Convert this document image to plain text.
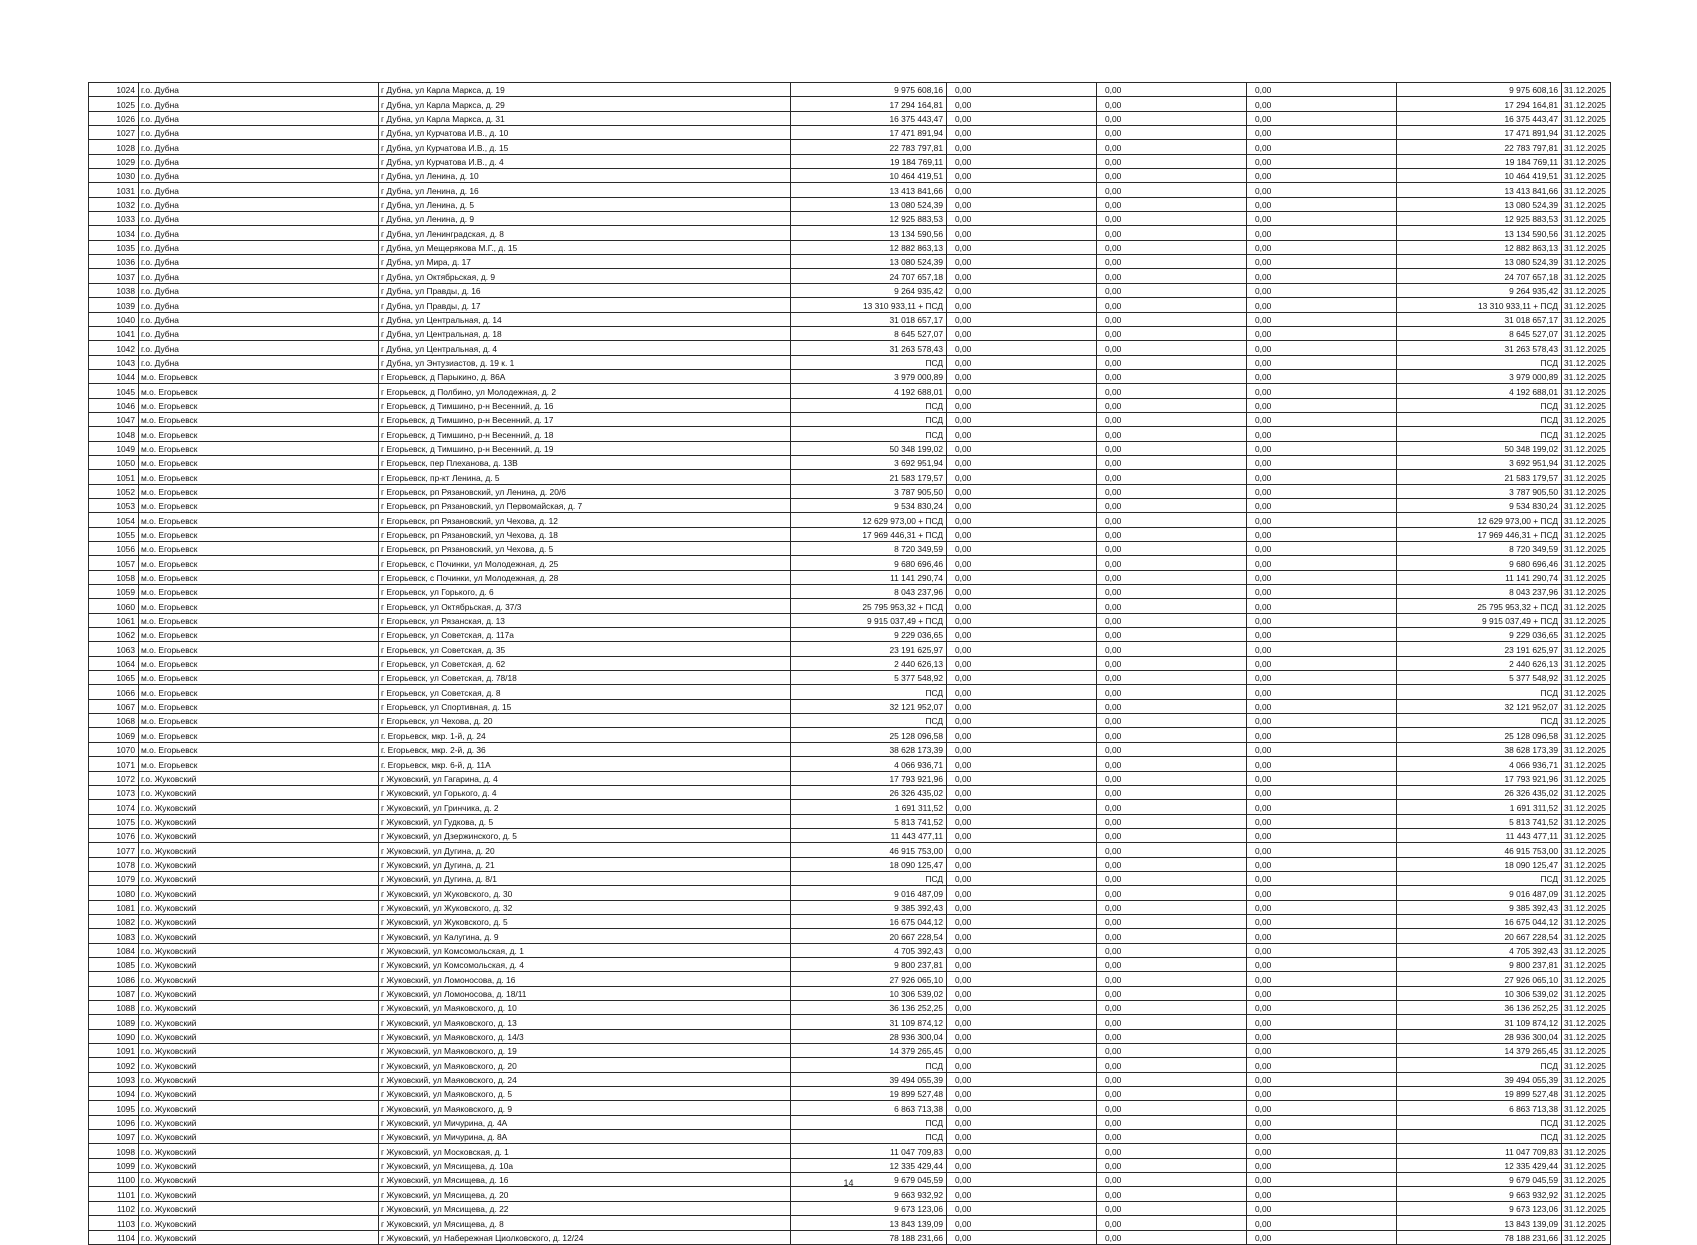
1024	г.о. Дубна	г Дубна, ул Карла Маркса, д. 19	9 975 608,16	0,00	0,00	0,00	9 975 608,16	31.12.2025
1025	г.о. Дубна	г Дубна, ул Карла Маркса, д. 29	17 294 164,81	0,00	0,00	0,00	17 294 164,81	31.12.2025
1026	г.о. Дубна	г Дубна, ул Карла Маркса, д. 31	16 375 443,47	0,00	0,00	0,00	16 375 443,47	31.12.2025
1027	г.о. Дубна	г Дубна, ул Курчатова И.В., д. 10	17 471 891,94	0,00	0,00	0,00	17 471 891,94	31.12.2025
1028	г.о. Дубна	г Дубна, ул Курчатова И.В., д. 15	22 783 797,81	0,00	0,00	0,00	22 783 797,81	31.12.2025
1029	г.о. Дубна	г Дубна, ул Курчатова И.В., д. 4	19 184 769,11	0,00	0,00	0,00	19 184 769,11	31.12.2025
1030	г.о. Дубна	г Дубна, ул Ленина, д. 10	10 464 419,51	0,00	0,00	0,00	10 464 419,51	31.12.2025
1031	г.о. Дубна	г Дубна, ул Ленина, д. 16	13 413 841,66	0,00	0,00	0,00	13 413 841,66	31.12.2025
1032	г.о. Дубна	г Дубна, ул Ленина, д. 5	13 080 524,39	0,00	0,00	0,00	13 080 524,39	31.12.2025
1033	г.о. Дубна	г Дубна, ул Ленина, д. 9	12 925 883,53	0,00	0,00	0,00	12 925 883,53	31.12.2025
1034	г.о. Дубна	г Дубна, ул Ленинградская, д. 8	13 134 590,56	0,00	0,00	0,00	13 134 590,56	31.12.2025
1035	г.о. Дубна	г Дубна, ул Мещерякова М.Г., д. 15	12 882 863,13	0,00	0,00	0,00	12 882 863,13	31.12.2025
1036	г.о. Дубна	г Дубна, ул Мира, д. 17	13 080 524,39	0,00	0,00	0,00	13 080 524,39	31.12.2025
1037	г.о. Дубна	г Дубна, ул Октябрьская, д. 9	24 707 657,18	0,00	0,00	0,00	24 707 657,18	31.12.2025
1038	г.о. Дубна	г Дубна, ул Правды, д. 16	9 264 935,42	0,00	0,00	0,00	9 264 935,42	31.12.2025
1039	г.о. Дубна	г Дубна, ул Правды, д. 17	13 310 933,11 + ПСД	0,00	0,00	0,00	13 310 933,11 + ПСД	31.12.2025
1040	г.о. Дубна	г Дубна, ул Центральная, д. 14	31 018 657,17	0,00	0,00	0,00	31 018 657,17	31.12.2025
1041	г.о. Дубна	г Дубна, ул Центральная, д. 18	8 645 527,07	0,00	0,00	0,00	8 645 527,07	31.12.2025
1042	г.о. Дубна	г Дубна, ул Центральная, д. 4	31 263 578,43	0,00	0,00	0,00	31 263 578,43	31.12.2025
1043	г.о. Дубна	г Дубна, ул Энтузиастов, д. 19 к. 1	ПСД	0,00	0,00	0,00	ПСД	31.12.2025
1044	м.о. Егорьевск	г Егорьевск, д Парыкино, д. 86А	3 979 000,89	0,00	0,00	0,00	3 979 000,89	31.12.2025
1045	м.о. Егорьевск	г Егорьевск, д Полбино, ул Молодежная, д. 2	4 192 688,01	0,00	0,00	0,00	4 192 688,01	31.12.2025
1046	м.о. Егорьевск	г Егорьевск, д Тимшино, р-н Весенний, д. 16	ПСД	0,00	0,00	0,00	ПСД	31.12.2025
1047	м.о. Егорьевск	г Егорьевск, д Тимшино, р-н Весенний, д. 17	ПСД	0,00	0,00	0,00	ПСД	31.12.2025
1048	м.о. Егорьевск	г Егорьевск, д Тимшино, р-н Весенний, д. 18	ПСД	0,00	0,00	0,00	ПСД	31.12.2025
1049	м.о. Егорьевск	г Егорьевск, д Тимшино, р-н Весенний, д. 19	50 348 199,02	0,00	0,00	0,00	50 348 199,02	31.12.2025
1050	м.о. Егорьевск	г Егорьевск, пер Плеханова, д. 13В	3 692 951,94	0,00	0,00	0,00	3 692 951,94	31.12.2025
1051	м.о. Егорьевск	г Егорьевск, пр-кт Ленина, д. 5	21 583 179,57	0,00	0,00	0,00	21 583 179,57	31.12.2025
1052	м.о. Егорьевск	г Егорьевск, рп Рязановский, ул Ленина, д. 20/6	3 787 905,50	0,00	0,00	0,00	3 787 905,50	31.12.2025
1053	м.о. Егорьевск	г Егорьевск, рп Рязановский, ул Первомайская, д. 7	9 534 830,24	0,00	0,00	0,00	9 534 830,24	31.12.2025
1054	м.о. Егорьевск	г Егорьевск, рп Рязановский, ул Чехова, д. 12	12 629 973,00 + ПСД	0,00	0,00	0,00	12 629 973,00 + ПСД	31.12.2025
1055	м.о. Егорьевск	г Егорьевск, рп Рязановский, ул Чехова, д. 18	17 969 446,31 + ПСД	0,00	0,00	0,00	17 969 446,31 + ПСД	31.12.2025
1056	м.о. Егорьевск	г Егорьевск, рп Рязановский, ул Чехова, д. 5	8 720 349,59	0,00	0,00	0,00	8 720 349,59	31.12.2025
1057	м.о. Егорьевск	г Егорьевск, с Починки, ул Молодежная, д. 25	9 680 696,46	0,00	0,00	0,00	9 680 696,46	31.12.2025
1058	м.о. Егорьевск	г Егорьевск, с Починки, ул Молодежная, д. 28	11 141 290,74	0,00	0,00	0,00	11 141 290,74	31.12.2025
1059	м.о. Егорьевск	г Егорьевск, ул Горького, д. 6	8 043 237,96	0,00	0,00	0,00	8 043 237,96	31.12.2025
1060	м.о. Егорьевск	г Егорьевск, ул Октябрьская, д. 37/3	25 795 953,32 + ПСД	0,00	0,00	0,00	25 795 953,32 + ПСД	31.12.2025
1061	м.о. Егорьевск	г Егорьевск, ул Рязанская, д. 13	9 915 037,49 + ПСД	0,00	0,00	0,00	9 915 037,49 + ПСД	31.12.2025
1062	м.о. Егорьевск	г Егорьевск, ул Советская, д. 117а	9 229 036,65	0,00	0,00	0,00	9 229 036,65	31.12.2025
1063	м.о. Егорьевск	г Егорьевск, ул Советская, д. 35	23 191 625,97	0,00	0,00	0,00	23 191 625,97	31.12.2025
1064	м.о. Егорьевск	г Егорьевск, ул Советская, д. 62	2 440 626,13	0,00	0,00	0,00	2 440 626,13	31.12.2025
1065	м.о. Егорьевск	г Егорьевск, ул Советская, д. 78/18	5 377 548,92	0,00	0,00	0,00	5 377 548,92	31.12.2025
1066	м.о. Егорьевск	г Егорьевск, ул Советская, д. 8	ПСД	0,00	0,00	0,00	ПСД	31.12.2025
1067	м.о. Егорьевск	г Егорьевск, ул Спортивная, д. 15	32 121 952,07	0,00	0,00	0,00	32 121 952,07	31.12.2025
1068	м.о. Егорьевск	г Егорьевск, ул Чехова, д. 20	ПСД	0,00	0,00	0,00	ПСД	31.12.2025
1069	м.о. Егорьевск	г. Егорьевск, мкр. 1-й, д. 24	25 128 096,58	0,00	0,00	0,00	25 128 096,58	31.12.2025
1070	м.о. Егорьевск	г. Егорьевск, мкр. 2-й, д. 36	38 628 173,39	0,00	0,00	0,00	38 628 173,39	31.12.2025
1071	м.о. Егорьевск	г. Егорьевск, мкр. 6-й, д. 11А	4 066 936,71	0,00	0,00	0,00	4 066 936,71	31.12.2025
1072	г.о. Жуковский	г Жуковский, ул Гагарина, д. 4	17 793 921,96	0,00	0,00	0,00	17 793 921,96	31.12.2025
1073	г.о. Жуковский	г Жуковский, ул Горького, д. 4	26 326 435,02	0,00	0,00	0,00	26 326 435,02	31.12.2025
1074	г.о. Жуковский	г Жуковский, ул Гринчика, д. 2	1 691 311,52	0,00	0,00	0,00	1 691 311,52	31.12.2025
1075	г.о. Жуковский	г Жуковский, ул Гудкова, д. 5	5 813 741,52	0,00	0,00	0,00	5 813 741,52	31.12.2025
1076	г.о. Жуковский	г Жуковский, ул Дзержинского, д. 5	11 443 477,11	0,00	0,00	0,00	11 443 477,11	31.12.2025
1077	г.о. Жуковский	г Жуковский, ул Дугина, д. 20	46 915 753,00	0,00	0,00	0,00	46 915 753,00	31.12.2025
1078	г.о. Жуковский	г Жуковский, ул Дугина, д. 21	18 090 125,47	0,00	0,00	0,00	18 090 125,47	31.12.2025
1079	г.о. Жуковский	г Жуковский, ул Дугина, д. 8/1	ПСД	0,00	0,00	0,00	ПСД	31.12.2025
1080	г.о. Жуковский	г Жуковский, ул Жуковского, д. 30	9 016 487,09	0,00	0,00	0,00	9 016 487,09	31.12.2025
1081	г.о. Жуковский	г Жуковский, ул Жуковского, д. 32	9 385 392,43	0,00	0,00	0,00	9 385 392,43	31.12.2025
1082	г.о. Жуковский	г Жуковский, ул Жуковского, д. 5	16 675 044,12	0,00	0,00	0,00	16 675 044,12	31.12.2025
1083	г.о. Жуковский	г Жуковский, ул Калугина, д. 9	20 667 228,54	0,00	0,00	0,00	20 667 228,54	31.12.2025
1084	г.о. Жуковский	г Жуковский, ул Комсомольская, д. 1	4 705 392,43	0,00	0,00	0,00	4 705 392,43	31.12.2025
1085	г.о. Жуковский	г Жуковский, ул Комсомольская, д. 4	9 800 237,81	0,00	0,00	0,00	9 800 237,81	31.12.2025
1086	г.о. Жуковский	г Жуковский, ул Ломоносова, д. 16	27 926 065,10	0,00	0,00	0,00	27 926 065,10	31.12.2025
1087	г.о. Жуковский	г Жуковский, ул Ломоносова, д. 18/11	10 306 539,02	0,00	0,00	0,00	10 306 539,02	31.12.2025
1088	г.о. Жуковский	г Жуковский, ул Маяковского, д. 10	36 136 252,25	0,00	0,00	0,00	36 136 252,25	31.12.2025
1089	г.о. Жуковский	г Жуковский, ул Маяковского, д. 13	31 109 874,12	0,00	0,00	0,00	31 109 874,12	31.12.2025
1090	г.о. Жуковский	г Жуковский, ул Маяковского, д. 14/3	28 936 300,04	0,00	0,00	0,00	28 936 300,04	31.12.2025
1091	г.о. Жуковский	г Жуковский, ул Маяковского, д. 19	14 379 265,45	0,00	0,00	0,00	14 379 265,45	31.12.2025
1092	г.о. Жуковский	г Жуковский, ул Маяковского, д. 20	ПСД	0,00	0,00	0,00	ПСД	31.12.2025
1093	г.о. Жуковский	г Жуковский, ул Маяковского, д. 24	39 494 055,39	0,00	0,00	0,00	39 494 055,39	31.12.2025
1094	г.о. Жуковский	г Жуковский, ул Маяковского, д. 5	19 899 527,48	0,00	0,00	0,00	19 899 527,48	31.12.2025
1095	г.о. Жуковский	г Жуковский, ул Маяковского, д. 9	6 863 713,38	0,00	0,00	0,00	6 863 713,38	31.12.2025
1096	г.о. Жуковский	г Жуковский, ул Мичурина, д. 4А	ПСД	0,00	0,00	0,00	ПСД	31.12.2025
1097	г.о. Жуковский	г Жуковский, ул Мичурина, д. 8А	ПСД	0,00	0,00	0,00	ПСД	31.12.2025
1098	г.о. Жуковский	г Жуковский, ул Московская, д. 1	11 047 709,83	0,00	0,00	0,00	11 047 709,83	31.12.2025
1099	г.о. Жуковский	г Жуковский, ул Мясищева, д. 10а	12 335 429,44	0,00	0,00	0,00	12 335 429,44	31.12.2025
1100	г.о. Жуковский	г Жуковский, ул Мясищева, д. 16	9 679 045,59	0,00	0,00	0,00	9 679 045,59	31.12.2025
1101	г.о. Жуковский	г Жуковский, ул Мясищева, д. 20	9 663 932,92	0,00	0,00	0,00	9 663 932,92	31.12.2025
1102	г.о. Жуковский	г Жуковский, ул Мясищева, д. 22	9 673 123,06	0,00	0,00	0,00	9 673 123,06	31.12.2025
1103	г.о. Жуковский	г Жуковский, ул Мясищева, д. 8	13 843 139,09	0,00	0,00	0,00	13 843 139,09	31.12.2025
1104	г.о. Жуковский	г Жуковский, ул Набережная Циолковского, д. 12/24	78 188 231,66	0,00	0,00	0,00	78 188 231,66	31.12.2025
14
